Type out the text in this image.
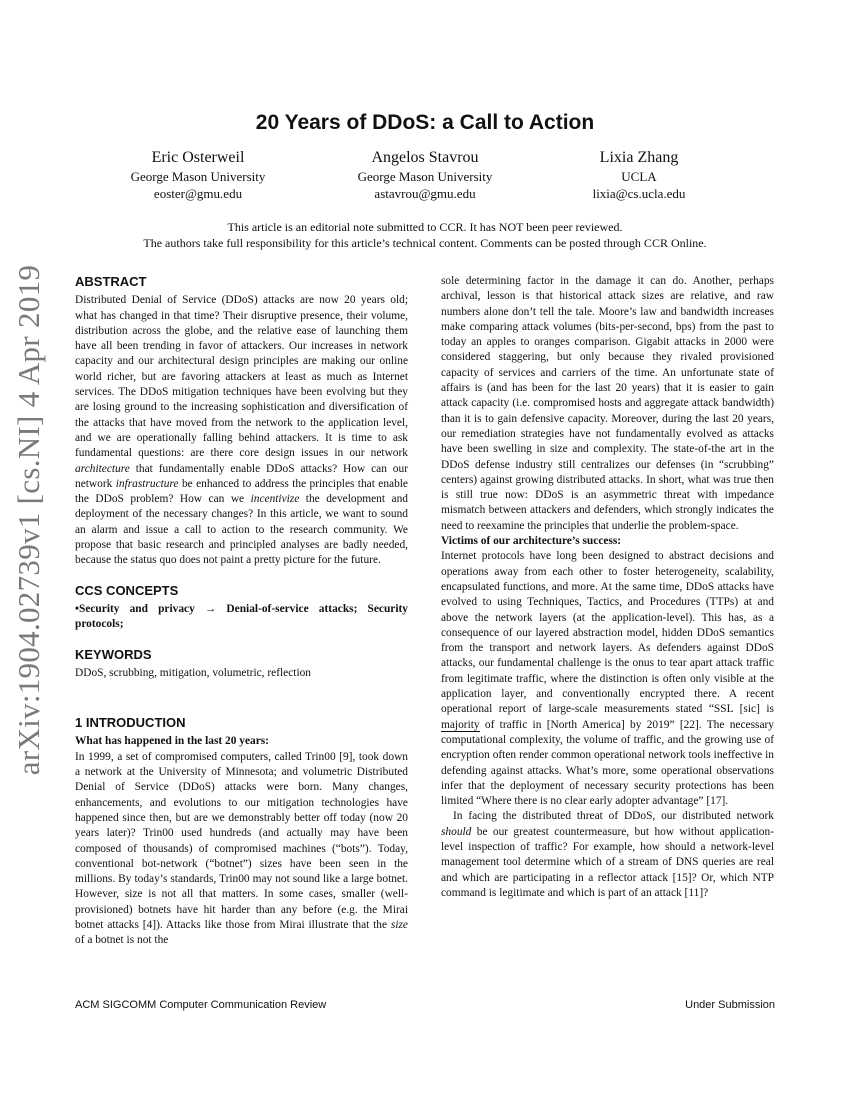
arXiv:1904.02739v1 [cs.NI] 4 Apr 2019
20 Years of DDoS: a Call to Action
Eric Osterweil
George Mason University
eoster@gmu.edu
Angelos Stavrou
George Mason University
astavrou@gmu.edu
Lixia Zhang
UCLA
lixia@cs.ucla.edu
This article is an editorial note submitted to CCR. It has NOT been peer reviewed.
The authors take full responsibility for this article’s technical content. Comments can be posted through CCR Online.
ABSTRACT

Distributed Denial of Service (DDoS) attacks are now 20 years old; what has changed in that time? Their disruptive presence, their volume, distribution across the globe, and the relative ease of launching them have all been trending in favor of attackers. Our increases in network capacity and our architectural design principles are making our online world richer, but are favoring attackers at least as much as Internet services. The DDoS mitigation techniques have been evolving but they are losing ground to the increasing sophistication and diversification of the attacks that have moved from the network to the application level, and we are operationally falling behind attackers. It is time to ask fundamental questions: are there core design issues in our network architecture that fundamentally enable DDoS attacks? How can our network infrastructure be enhanced to address the principles that enable the DDoS problem? How can we incentivize the development and deployment of the necessary changes? In this article, we want to sound an alarm and issue a call to action to the research community. We propose that basic research and principled analyses are badly needed, because the status quo does not paint a pretty picture for the future.

CCS CONCEPTS

•Security and privacy → Denial-of-service attacks; Security protocols;

KEYWORDS

DDoS, scrubbing, mitigation, volumetric, reflection

1 INTRODUCTION
What has happened in the last 20 years:

In 1999, a set of compromised computers, called Trin00 [9], took down a network at the University of Minnesota; and volumetric Distributed Denial of Service (DDoS) attacks were born. Many changes, enhancements, and evolutions to our mitigation technologies have happened since then, but are we demonstrably better off today (now 20 years later)? Trin00 used hundreds (and actually may have been composed of thousands) of compromised machines (“bots”). Today, conventional bot-network (“botnet”) sizes have been seen in the millions. By today’s standards, Trin00 may not sound like a large botnet. However, size is not all that matters. In some cases, smaller (well-provisioned) botnets have hit harder than any before (e.g. the Mirai botnet attacks [4]). Attacks like those from Mirai illustrate that the size of a botnet is not the

sole determining factor in the damage it can do. Another, perhaps archival, lesson is that historical attack sizes are relative, and raw numbers alone don’t tell the tale. Moore’s law and bandwidth increases make comparing attack volumes (bits-per-second, bps) from the past to today an apples to oranges comparison. Gigabit attacks in 2000 were considered staggering, but only because they rivaled provisioned capacity of services and carriers of the time. An unfortunate state of affairs is (and has been for the last 20 years) that it is easier to gain attack capacity (i.e. compromised hosts and aggregate attack bandwidth) than it is to gain defensive capacity. Moreover, during the last 20 years, our remediation strategies have not fundamentally evolved as attacks have been swelling in size and complexity. The state-of-the art in the DDoS defense industry still centralizes our defenses (in “scrubbing” centers) against growing distributed attacks. In short, what was true then is still true now: DDoS is an asymmetric threat with impedance mismatch between attackers and defenders, which strongly indicates the need to reexamine the principles that underlie the problem-space.

Victims of our architecture’s success:

Internet protocols have long been designed to abstract decisions and operations away from each other to foster heterogeneity, scalability, encapsulated functions, and more. At the same time, DDoS attacks have evolved to using Techniques, Tactics, and Procedures (TTPs) at and above the network layers (at the application-level). This has, as a consequence of our layered abstraction model, hidden DDoS semantics from the transport and network layers. As defenders against DDoS attacks, our fundamental challenge is the onus to tear apart attack traffic from legitimate traffic, where the distinction is often only visible at the application layer, and conventionally encrypted there. A recent operational report of large-scale measurements stated “SSL [sic] is majority of traffic in [North America] by 2019” [22]. The necessary computational complexity, the volume of traffic, and the growing use of encryption often render common operational network tools ineffective in defending against attacks. What’s more, some operational observations infer that the deployment of necessary security protections has been limited “Where there is no clear early adopter advantage” [17].

In facing the distributed threat of DDoS, our distributed network should be our greatest countermeasure, but how without application-level inspection of traffic? For example, how should a network-level management tool determine which of a stream of DNS queries are real and which are participating in a reflector attack [15]? Or, which NTP command is legitimate and which is part of an attack [11]?

ACM SIGCOMM Computer Communication Review	Under Submission
